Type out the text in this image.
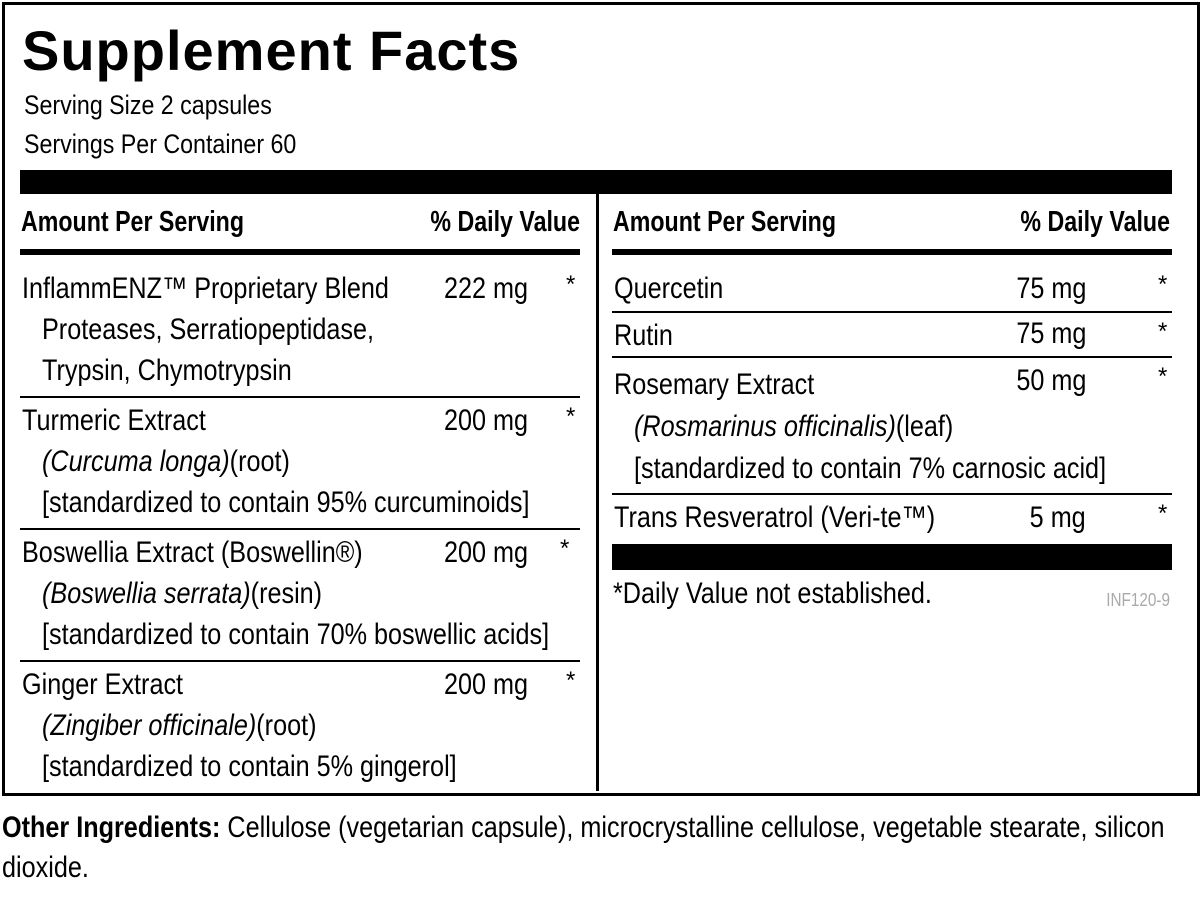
Supplement Facts
Serving Size 2 capsules
Servings Per Container 60
Amount Per Serving	% Daily Value Amount Per Serving	% Daily Value
InflammENZ™ Proprietary Blend 222 mg *
Proteases, Serratiopeptidase,
Trypsin, Chymotrypsin
Turmeric Extract	200 mg *
(Curcuma longa)(root)
[standardized to contain 95% curcuminoids]
Boswellia Extract (Boswellin®)	200 mg *
(Boswellia serrata)(resin)
[standardized to contain 70% boswellic acids]
Ginger Extract	200 mg *
(Zingiber officinale)(root)
[standardized to contain 5% gingerol]
Quercetin	75 mg	*
Rutin	75 mg	*
Rosemary Extract	50 mg	*
(Rosmarinus officinalis)(leaf)
[standardized to contain 7% carnosic acid]
Trans Resveratrol (Veri-te™)	5 mg	*
*Daily Value not established.	INF120-9
Other Ingredients: Cellulose (vegetarian capsule), microcrystalline cellulose, vegetable stearate, silicon dioxide.
